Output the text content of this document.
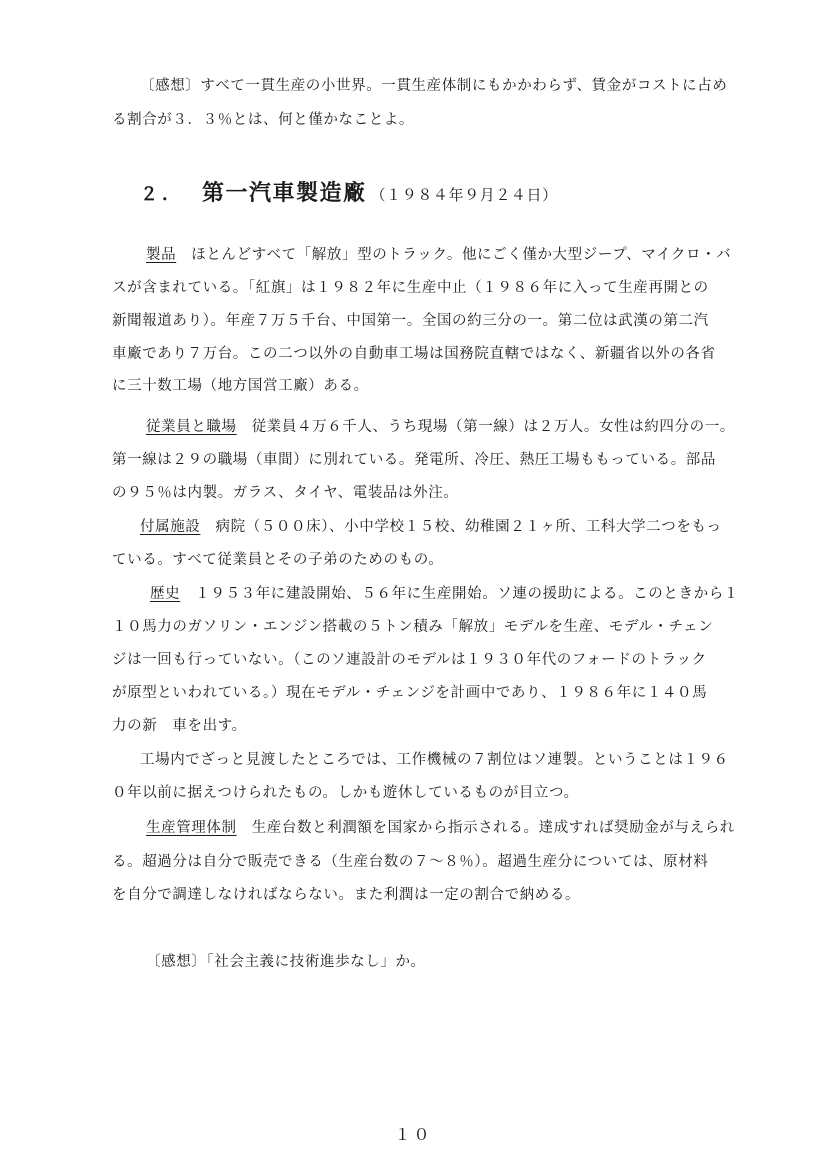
〔感想〕すべて一貫生産の小世界。一貫生産体制にもかかわらず、賃金がコストに占め
る割合が３．３％とは、何と僅かなことよ。
２． 第一汽車製造廠 （１９８４年９月２４日）
製品　ほとんどすべて「解放」型のトラック。他にごく僅か大型ジープ、マイクロ・バ
スが含まれている。「紅旗」は１９８２年に生産中止（１９８６年に入って生産再開との
新聞報道あり）。年産７万５千台、中国第一。全国の約三分の一。第二位は武漢の第二汽
車廠であり７万台。この二つ以外の自動車工場は国務院直轄ではなく、新疆省以外の各省
に三十数工場（地方国営工廠）ある。
従業員と職場　従業員４万６千人、うち現場（第一線）は２万人。女性は約四分の一。
第一線は２９の職場（車間）に別れている。発電所、冷圧、熱圧工場ももっている。部品
の９５％は内製。ガラス、タイヤ、電装品は外注。
付属施設　病院（５００床）、小中学校１５校、幼稚園２１ヶ所、工科大学二つをもっ
ている。すべて従業員とその子弟のためのもの。
歴史　１９５３年に建設開始、５６年に生産開始。ソ連の援助による。このときから１
１０馬力のガソリン・エンジン搭載の５トン積み「解放」モデルを生産、モデル・チェン
ジは一回も行っていない。（このソ連設計のモデルは１９３０年代のフォードのトラック
が原型といわれている。）現在モデル・チェンジを計画中であり、１９８６年に１４０馬
力の新　車を出す。
工場内でざっと見渡したところでは、工作機械の７割位はソ連製。ということは１９６
０年以前に据えつけられたもの。しかも遊休しているものが目立つ。
生産管理体制　生産台数と利潤額を国家から指示される。達成すれば奨励金が与えられ
る。超過分は自分で販売できる（生産台数の７～８％）。超過生産分については、原材料
を自分で調達しなければならない。また利潤は一定の割合で納める。
〔感想〕「社会主義に技術進歩なし」か。
１０
